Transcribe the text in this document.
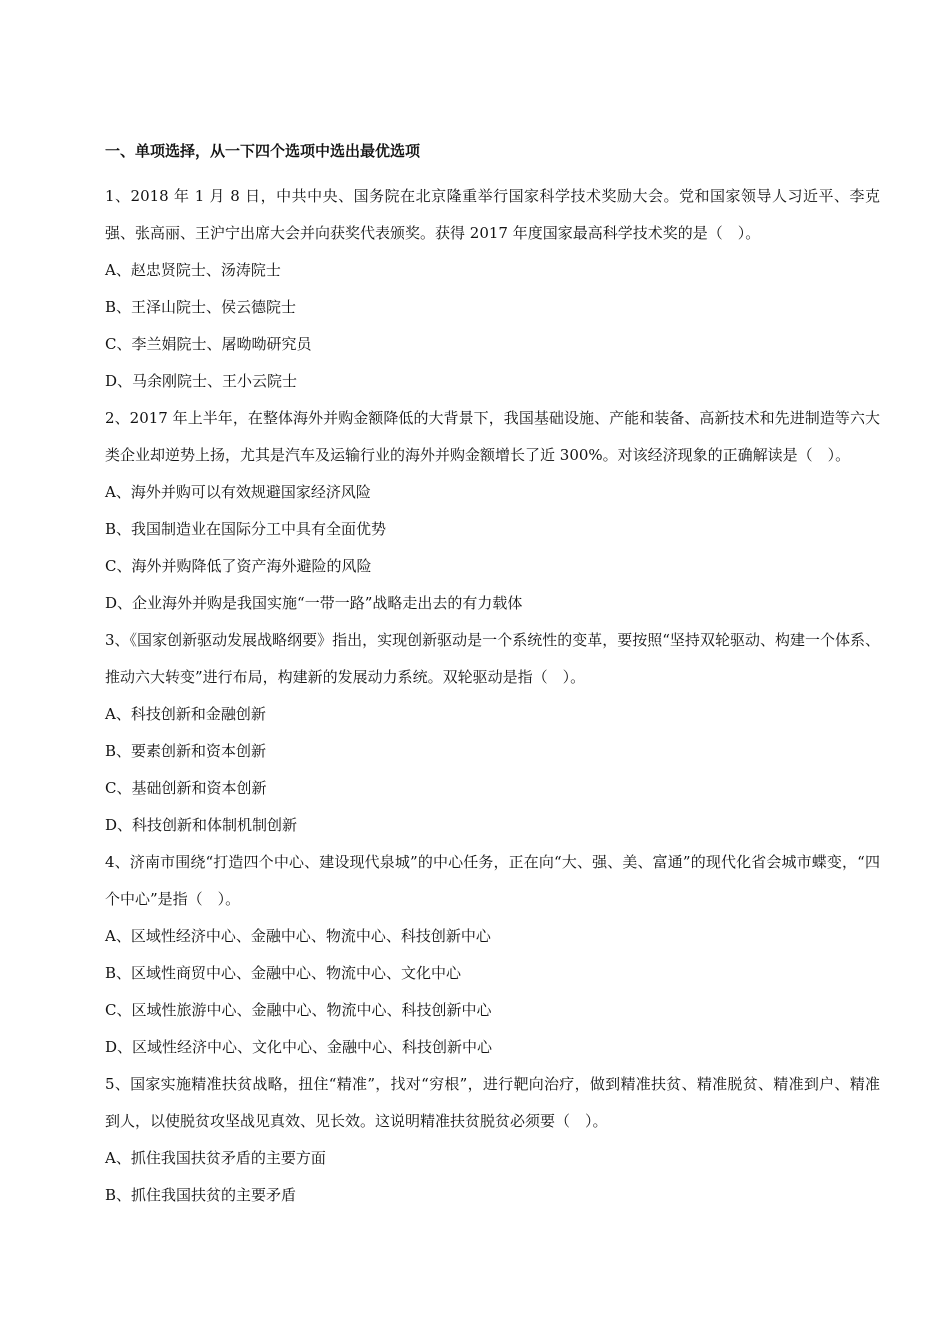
一、单项选择，从一下四个选项中选出最优选项

1、2018 年 1 月 8 日，中共中央、国务院在北京隆重举行国家科学技术奖励大会。党和国家领导人习近平、李克强、张高丽、王沪宁出席大会并向获奖代表颁奖。获得 2017 年度国家最高科学技术奖的是（　）。

A、赵忠贤院士、汤涛院士

B、王泽山院士、侯云德院士

C、李兰娟院士、屠呦呦研究员

D、马余刚院士、王小云院士

2、2017 年上半年，在整体海外并购金额降低的大背景下，我国基础设施、产能和装备、高新技术和先进制造等六大类企业却逆势上扬，尤其是汽车及运输行业的海外并购金额增长了近 300%。对该经济现象的正确解读是（　）。

A、海外并购可以有效规避国家经济风险

B、我国制造业在国际分工中具有全面优势

C、海外并购降低了资产海外避险的风险

D、企业海外并购是我国实施“一带一路”战略走出去的有力载体

3、《国家创新驱动发展战略纲要》指出，实现创新驱动是一个系统性的变革，要按照“坚持双轮驱动、构建一个体系、推动六大转变”进行布局，构建新的发展动力系统。双轮驱动是指（　）。

A、科技创新和金融创新

B、要素创新和资本创新

C、基础创新和资本创新

D、科技创新和体制机制创新

4、济南市围绕“打造四个中心、建设现代泉城”的中心任务，正在向“大、强、美、富通”的现代化省会城市蝶变，“四个中心”是指（　）。

A、区域性经济中心、金融中心、物流中心、科技创新中心

B、区域性商贸中心、金融中心、物流中心、文化中心

C、区域性旅游中心、金融中心、物流中心、科技创新中心

D、区域性经济中心、文化中心、金融中心、科技创新中心

5、国家实施精准扶贫战略，扭住“精准”，找对“穷根”，进行靶向治疗，做到精准扶贫、精准脱贫、精准到户、精准到人，以使脱贫攻坚战见真效、见长效。这说明精准扶贫脱贫必须要（　）。

A、抓住我国扶贫矛盾的主要方面

B、抓住我国扶贫的主要矛盾
